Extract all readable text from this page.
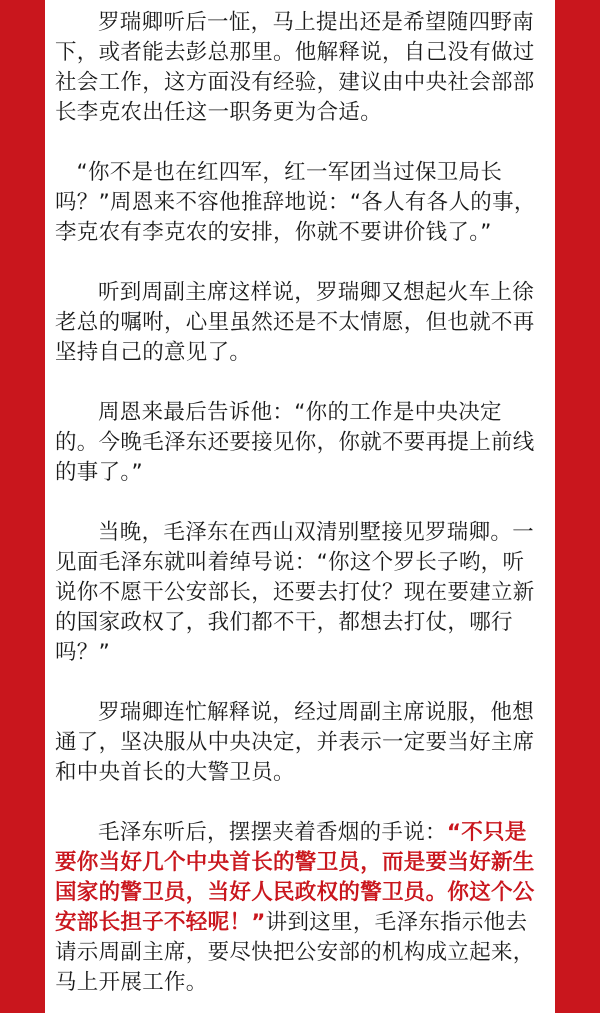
罗瑞卿听后一怔，马上提出还是希望随四野南下，或者能去彭总那里。他解释说，自己没有做过社会工作，这方面没有经验，建议由中央社会部部长李克农出任这一职务更为合适。

“你不是也在红四军，红一军团当过保卫局长吗？”周恩来不容他推辞地说：“各人有各人的事，李克农有李克农的安排，你就不要讲价钱了。”

听到周副主席这样说，罗瑞卿又想起火车上徐老总的嘱咐，心里虽然还是不太情愿，但也就不再坚持自己的意见了。

周恩来最后告诉他：“你的工作是中央决定的。今晚毛泽东还要接见你，你就不要再提上前线的事了。”

当晚，毛泽东在西山双清别墅接见罗瑞卿。一见面毛泽东就叫着绰号说：“你这个罗长子哟，听说你不愿干公安部长，还要去打仗？现在要建立新的国家政权了，我们都不干，都想去打仗，哪行吗？”

罗瑞卿连忙解释说，经过周副主席说服，他想通了，坚决服从中央决定，并表示一定要当好主席和中央首长的大警卫员。

毛泽东听后，摆摆夹着香烟的手说：“不只是要你当好几个中央首长的警卫员，而是要当好新生国家的警卫员，当好人民政权的警卫员。你这个公安部长担子不轻呢！”讲到这里，毛泽东指示他去请示周副主席，要尽快把公安部的机构成立起来，马上开展工作。
